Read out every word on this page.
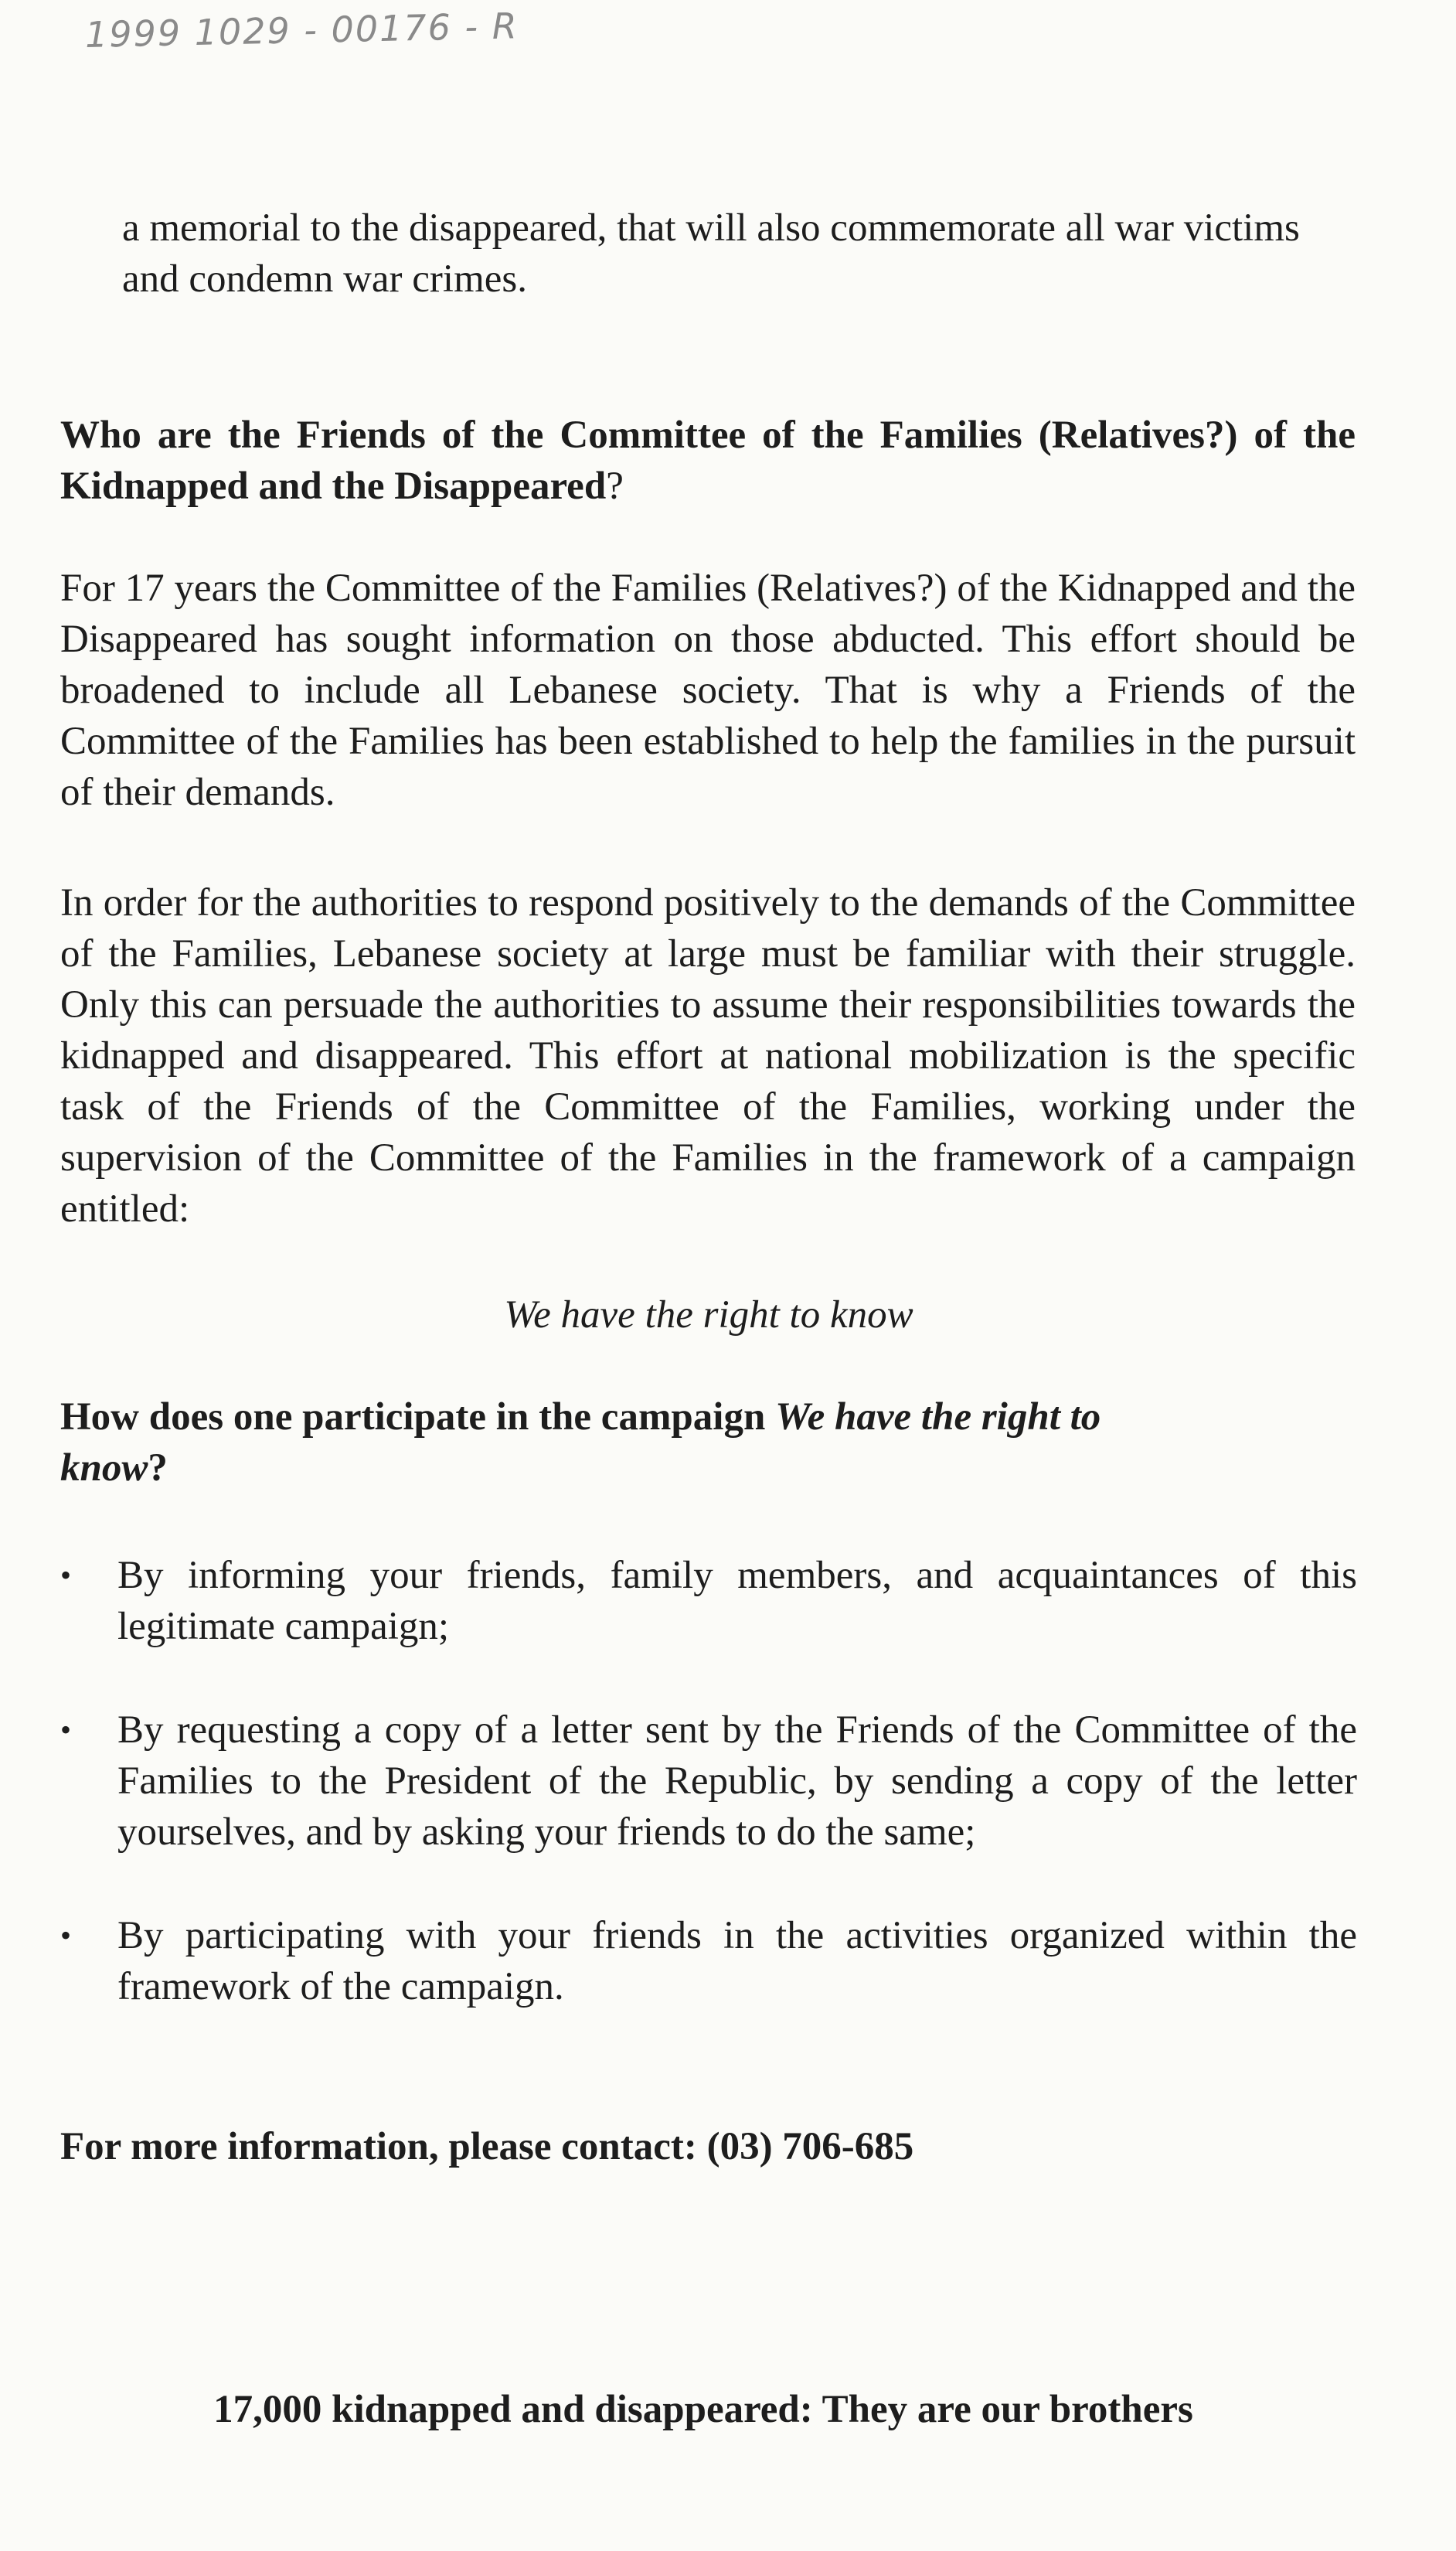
1999 1029 - 00176 - R
a memorial to the disappeared, that will also commemorate all war victims and condemn war crimes.
Who are the Friends of the Committee of the Families (Relatives?) of the Kidnapped and the Disappeared?
For 17 years the Committee of the Families (Relatives?) of the Kidnapped and the Disappeared has sought information on those abducted. This effort should be broadened to include all Lebanese society. That is why a Friends of the Committee of the Families has been established to help the families in the pursuit of their demands.
In order for the authorities to respond positively to the demands of the Committee of the Families, Lebanese society at large must be familiar with their struggle. Only this can persuade the authorities to assume their responsibilities towards the kidnapped and disappeared. This effort at national mobilization is the specific task of the Friends of the Committee of the Families, working under the supervision of the Committee of the Families in the framework of a campaign entitled:
We have the right to know
How does one participate in the campaign We have the right to
know?
• By informing your friends, family members, and acquaintances of this legitimate campaign;
• By requesting a copy of a letter sent by the Friends of the Committee of the Families to the President of the Republic, by sending a copy of the letter yourselves, and by asking your friends to do the same;
• By participating with your friends in the activities organized within the framework of the campaign.
For more information, please contact: (03) 706-685
17,000 kidnapped and disappeared: They are our brothers
